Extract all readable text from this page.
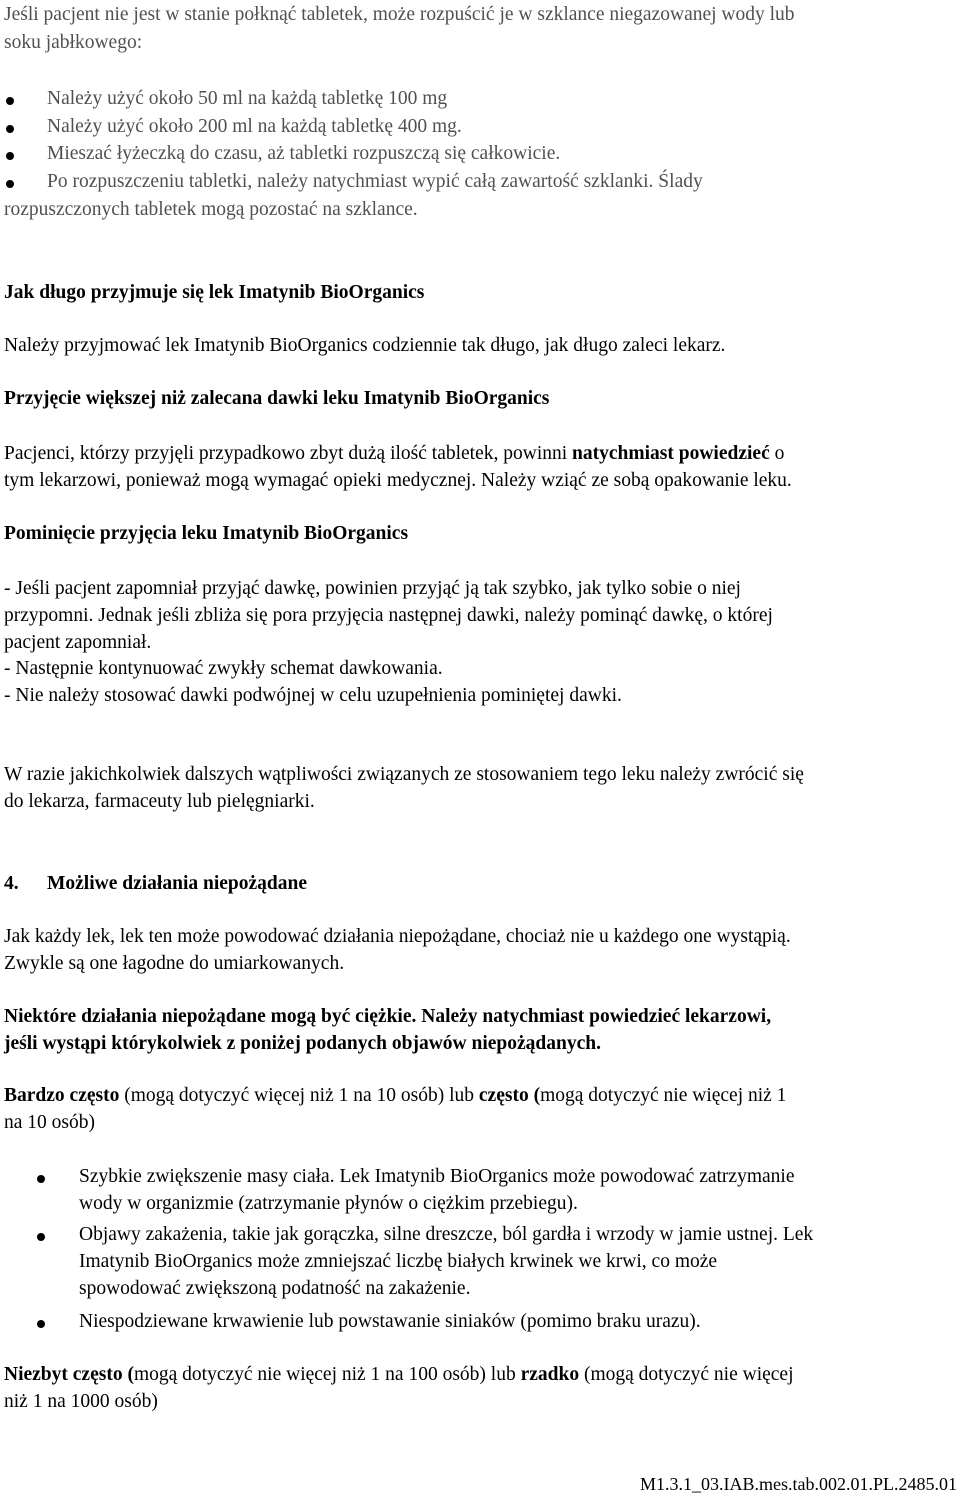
Jeśli pacjent nie jest w stanie połknąć tabletek, może rozpuścić je w szklance niegazowanej wody lub
soku jabłkowego:
Należy użyć około 50 ml na każdą tabletkę 100 mg
Należy użyć około 200 ml na każdą tabletkę 400 mg.
Mieszać łyżeczką do czasu, aż tabletki rozpuszczą się całkowicie.
Po rozpuszczeniu tabletki, należy natychmiast wypić całą zawartość szklanki. Ślady
rozpuszczonych tabletek mogą pozostać na szklance.
Jak długo przyjmuje się lek Imatynib BioOrganics
Należy przyjmować lek Imatynib BioOrganics codziennie tak długo, jak długo zaleci lekarz.
Przyjęcie większej niż zalecana dawki leku Imatynib BioOrganics
Pacjenci, którzy przyjęli przypadkowo zbyt dużą ilość tabletek, powinni natychmiast powiedzieć o
tym lekarzowi, ponieważ mogą wymagać opieki medycznej. Należy wziąć ze sobą opakowanie leku.
Pominięcie przyjęcia leku Imatynib BioOrganics
- Jeśli pacjent zapomniał przyjąć dawkę, powinien przyjąć ją tak szybko, jak tylko sobie o niej
przypomni. Jednak jeśli zbliża się pora przyjęcia następnej dawki, należy pominąć dawkę, o której
pacjent zapomniał.
- Następnie kontynuować zwykły schemat dawkowania.
- Nie należy stosować dawki podwójnej w celu uzupełnienia pominiętej dawki.
W razie jakichkolwiek dalszych wątpliwości związanych ze stosowaniem tego leku należy zwrócić się
do lekarza, farmaceuty lub pielęgniarki.
4. Możliwe działania niepożądane
Jak każdy lek, lek ten może powodować działania niepożądane, chociaż nie u każdego one wystąpią.
Zwykle są one łagodne do umiarkowanych.
Niektóre działania niepożądane mogą być ciężkie. Należy natychmiast powiedzieć lekarzowi,
jeśli wystąpi którykolwiek z poniżej podanych objawów niepożądanych.
Bardzo często (mogą dotyczyć więcej niż 1 na 10 osób) lub często (mogą dotyczyć nie więcej niż 1
na 10 osób)
Szybkie zwiększenie masy ciała. Lek Imatynib BioOrganics może powodować zatrzymanie
wody w organizmie (zatrzymanie płynów o ciężkim przebiegu).
Objawy zakażenia, takie jak gorączka, silne dreszcze, ból gardła i wrzody w jamie ustnej. Lek
Imatynib BioOrganics może zmniejszać liczbę białych krwinek we krwi, co może
spowodować zwiększoną podatność na zakażenie.
Niespodziewane krwawienie lub powstawanie siniaków (pomimo braku urazu).
Niezbyt często (mogą dotyczyć nie więcej niż 1 na 100 osób) lub rzadko (mogą dotyczyć nie więcej
niż 1 na 1000 osób)
M1.3.1_03.IAB.mes.tab.002.01.PL.2485.01
